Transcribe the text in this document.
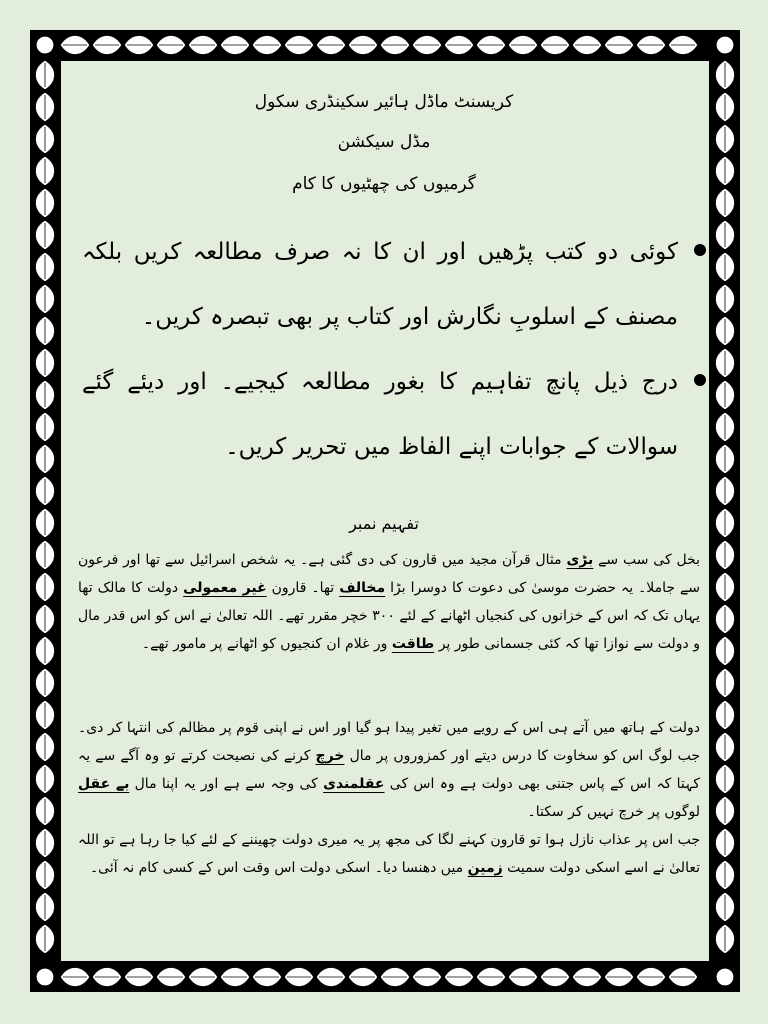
کریسنٹ ماڈل ہائیر سکینڈری سکول
مڈل سیکشن
گرمیوں کی چھٹیوں کا کام

کوئی دو کتب پڑھیں اور ان کا نہ صرف مطالعہ کریں بلکہ مصنف کے اسلوبِ نگارش اور کتاب پر بھی تبصرہ کریں۔

درج ذیل پانچ تفاہیم کا بغور مطالعہ کیجیے۔ اور دیئے گئے سوالات کے جوابات اپنے الفاظ میں تحریر کریں۔

تفہیم نمبر
بخل کی سب سے بڑی مثال قرآن مجید میں قارون کی دی گئی ہے۔ یہ شخص اسرائیل سے تھا اور فرعون سے جاملا۔ یہ حضرت موسیٰ کی دعوت کا دوسرا بڑا مخالف تھا۔ قارون غیر معمولی دولت کا مالک تھا یہاں تک کہ اس کے خزانوں کی کنجیاں اٹھانے کے لئے ۳۰۰ خچر مقرر تھے۔ اللہ تعالیٰ نے اس کو اس قدر مال و دولت سے نوازا تھا کہ کئی جسمانی طور پر طاقت ور غلام ان کنجیوں کو اٹھانے پر مامور تھے۔
دولت کے ہاتھ میں آتے ہی اس کے رویے میں تغیر پیدا ہو گیا اور اس نے اپنی قوم پر مظالم کی انتہا کر دی۔ جب لوگ اس کو سخاوت کا درس دیتے اور کمزوروں پر مال خرچ کرنے کی نصیحت کرتے تو وہ آگے سے یہ کہتا کہ اس کے پاس جتنی بھی دولت ہے وہ اس کی عقلمندی کی وجہ سے ہے اور یہ اپنا مال بے عقل لوگوں پر خرچ نہیں کر سکتا۔
جب اس پر عذاب نازل ہوا تو قارون کہنے لگا کی مجھ پر یہ میری دولت چھیننے کے لئے کیا جا رہا ہے تو اللہ تعالیٰ نے اسے اسکی دولت سمیت زمین میں دھنسا دیا۔ اسکی دولت اس وقت اس کے کسی کام نہ آئی۔
